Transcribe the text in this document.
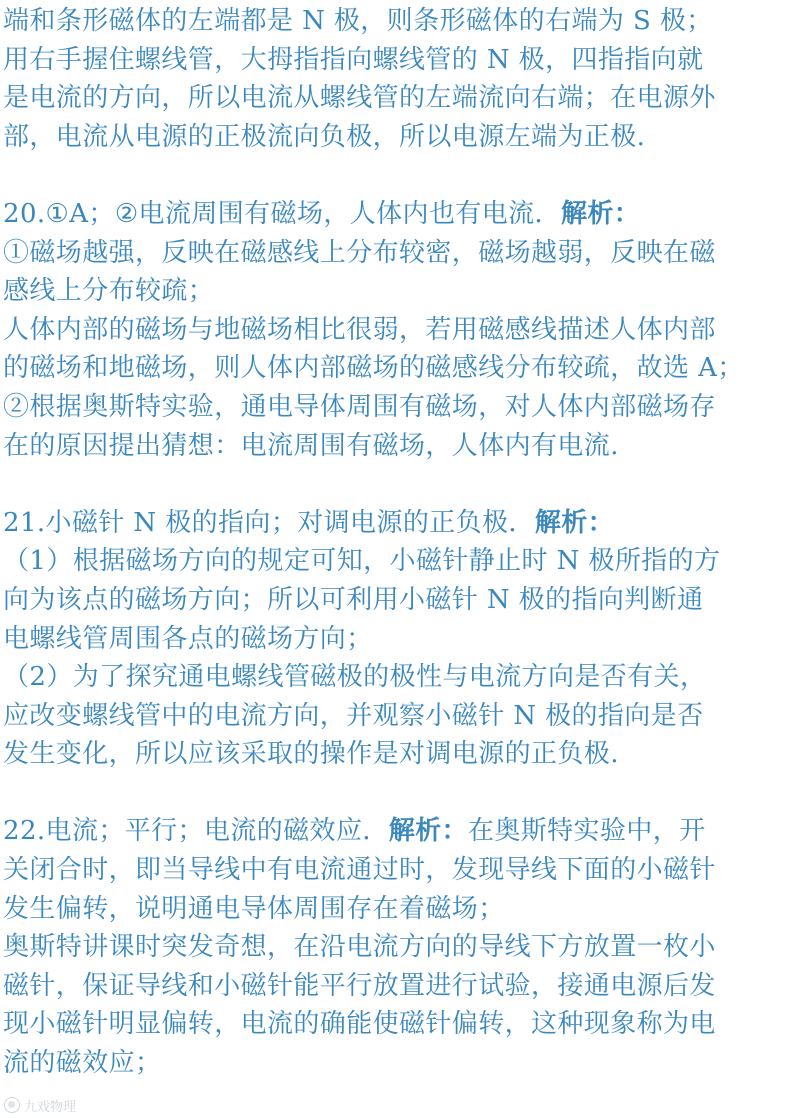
端和条形磁体的左端都是 N 极，则条形磁体的右端为 S 极；
用右手握住螺线管，大拇指指向螺线管的 N 极，四指指向就
是电流的方向，所以电流从螺线管的左端流向右端；在电源外
部，电流从电源的正极流向负极，所以电源左端为正极.
20.①A；②电流周围有磁场，人体内也有电流．解析：
①磁场越强，反映在磁感线上分布较密，磁场越弱，反映在磁
感线上分布较疏；
人体内部的磁场与地磁场相比很弱，若用磁感线描述人体内部
的磁场和地磁场，则人体内部磁场的磁感线分布较疏，故选 A；
②根据奥斯特实验，通电导体周围有磁场，对人体内部磁场存
在的原因提出猜想：电流周围有磁场，人体内有电流.
21.小磁针 N 极的指向；对调电源的正负极．解析：
（1）根据磁场方向的规定可知，小磁针静止时 N 极所指的方
向为该点的磁场方向；所以可利用小磁针 N 极的指向判断通
电螺线管周围各点的磁场方向；
（2）为了探究通电螺线管磁极的极性与电流方向是否有关，
应改变螺线管中的电流方向，并观察小磁针 N 极的指向是否
发生变化，所以应该采取的操作是对调电源的正负极.
22.电流；平行；电流的磁效应．解析：在奥斯特实验中，开
关闭合时，即当导线中有电流通过时，发现导线下面的小磁针
发生偏转，说明通电导体周围存在着磁场；
奥斯特讲课时突发奇想，在沿电流方向的导线下方放置一枚小
磁针，保证导线和小磁针能平行放置进行试验，接通电源后发
现小磁针明显偏转，电流的确能使磁针偏转，这种现象称为电
流的磁效应；
九戏物理
